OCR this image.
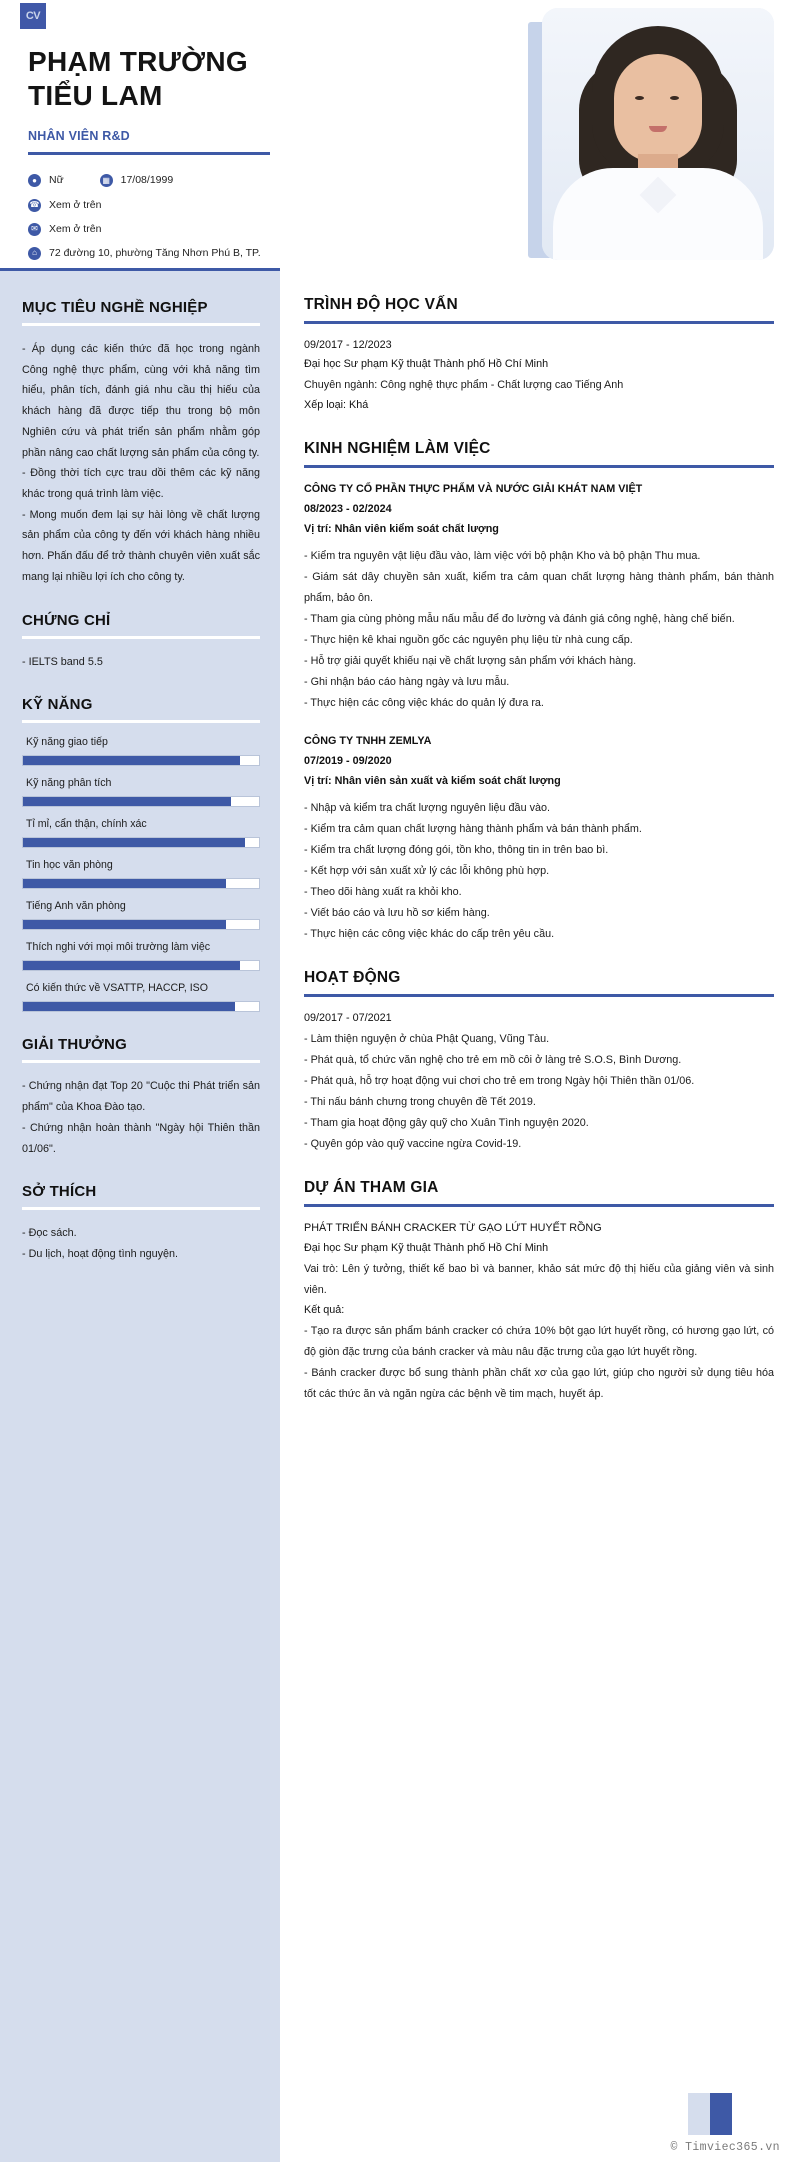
CV
PHẠM TRƯỜNG TIỂU LAM
NHÂN VIÊN R&D
●	Nữ	▦ 17/08/1999
☎ Xem ở trên
✉	Xem ở trên
⌂	72 đường 10, phường Tăng Nhơn Phú B, TP.
MỤC TIÊU NGHỀ NGHIỆP
- Áp dụng các kiến thức đã học trong ngành Công nghệ thực phẩm, cùng với khả năng tìm hiểu, phân tích, đánh giá nhu cầu thị hiếu của khách hàng đã được tiếp thu trong bộ môn Nghiên cứu và phát triển sản phẩm nhằm góp phần nâng cao chất lượng sản phẩm của công ty.
- Đồng thời tích cực trau dồi thêm các kỹ năng khác trong quá trình làm việc.
- Mong muốn đem lại sự hài lòng về chất lượng sản phẩm của công ty đến với khách hàng nhiều hơn. Phấn đấu để trở thành chuyên viên xuất sắc mang lại nhiều lợi ích cho công ty.
CHỨNG CHỈ
- IELTS band 5.5
KỸ NĂNG
Kỹ năng giao tiếp
Kỹ năng phân tích
Tỉ mỉ, cẩn thận, chính xác
Tin học văn phòng
Tiếng Anh văn phòng
Thích nghi với mọi môi trường làm việc
Có kiến thức về VSATTP, HACCP, ISO
GIẢI THƯỞNG
- Chứng nhận đạt Top 20 "Cuộc thi Phát triển sản phẩm" của Khoa Đào tạo.
- Chứng nhận hoàn thành "Ngày hội Thiên thần 01/06".
SỞ THÍCH
- Đọc sách.
- Du lịch, hoạt động tình nguyện.
TRÌNH ĐỘ HỌC VẤN
09/2017 - 12/2023
Đại học Sư phạm Kỹ thuật Thành phố Hồ Chí Minh
Chuyên ngành: Công nghệ thực phẩm - Chất lượng cao Tiếng Anh
Xếp loại: Khá
KINH NGHIỆM LÀM VIỆC
CÔNG TY CỔ PHẦN THỰC PHẨM VÀ NƯỚC GIẢI KHÁT NAM VIỆT
08/2023 - 02/2024
Vị trí: Nhân viên kiểm soát chất lượng
- Kiểm tra nguyên vật liệu đầu vào, làm việc với bộ phận Kho và bộ phận Thu mua.
- Giám sát dây chuyền sản xuất, kiểm tra cảm quan chất lượng hàng thành phẩm, bán thành phẩm, bảo ôn.
- Tham gia cùng phòng mẫu nấu mẫu để đo lường và đánh giá công nghệ, hàng chế biến.
- Thực hiện kê khai nguồn gốc các nguyên phụ liệu từ nhà cung cấp.
- Hỗ trợ giải quyết khiếu nại về chất lượng sản phẩm với khách hàng.
- Ghi nhận báo cáo hàng ngày và lưu mẫu.
- Thực hiện các công việc khác do quản lý đưa ra.
CÔNG TY TNHH ZEMLYA
07/2019 - 09/2020
Vị trí: Nhân viên sản xuất và kiểm soát chất lượng
- Nhập và kiểm tra chất lượng nguyên liệu đầu vào.
- Kiểm tra cảm quan chất lượng hàng thành phẩm và bán thành phẩm.
- Kiểm tra chất lượng đóng gói, tồn kho, thông tin in trên bao bì.
- Kết hợp với sản xuất xử lý các lỗi không phù hợp.
- Theo dõi hàng xuất ra khỏi kho.
- Viết báo cáo và lưu hồ sơ kiểm hàng.
- Thực hiện các công việc khác do cấp trên yêu cầu.
HOẠT ĐỘNG
09/2017 - 07/2021
- Làm thiện nguyện ở chùa Phật Quang, Vũng Tàu.
- Phát quà, tổ chức văn nghệ cho trẻ em mồ côi ở làng trẻ S.O.S, Bình Dương.
- Phát quà, hỗ trợ hoạt động vui chơi cho trẻ em trong Ngày hội Thiên thần 01/06.
- Thi nấu bánh chưng trong chuyên đề Tết 2019.
- Tham gia hoạt động gây quỹ cho Xuân Tình nguyện 2020.
- Quyên góp vào quỹ vaccine ngừa Covid-19.
DỰ ÁN THAM GIA
PHÁT TRIỂN BÁNH CRACKER TỪ GẠO LỨT HUYẾT RỒNG
Đại học Sư phạm Kỹ thuật Thành phố Hồ Chí Minh
Vai trò: Lên ý tưởng, thiết kế bao bì và banner, khảo sát mức độ thị hiếu của giảng viên và sinh viên.
Kết quả:
- Tạo ra được sản phẩm bánh cracker có chứa 10% bột gạo lứt huyết rồng, có hương gạo lứt, có độ giòn đặc trưng của bánh cracker và màu nâu đặc trưng của gạo lứt huyết rồng.
- Bánh cracker được bổ sung thành phần chất xơ của gạo lứt, giúp cho người sử dụng tiêu hóa tốt các thức ăn và ngăn ngừa các bệnh về tim mạch, huyết áp.
© Timviec365.vn
